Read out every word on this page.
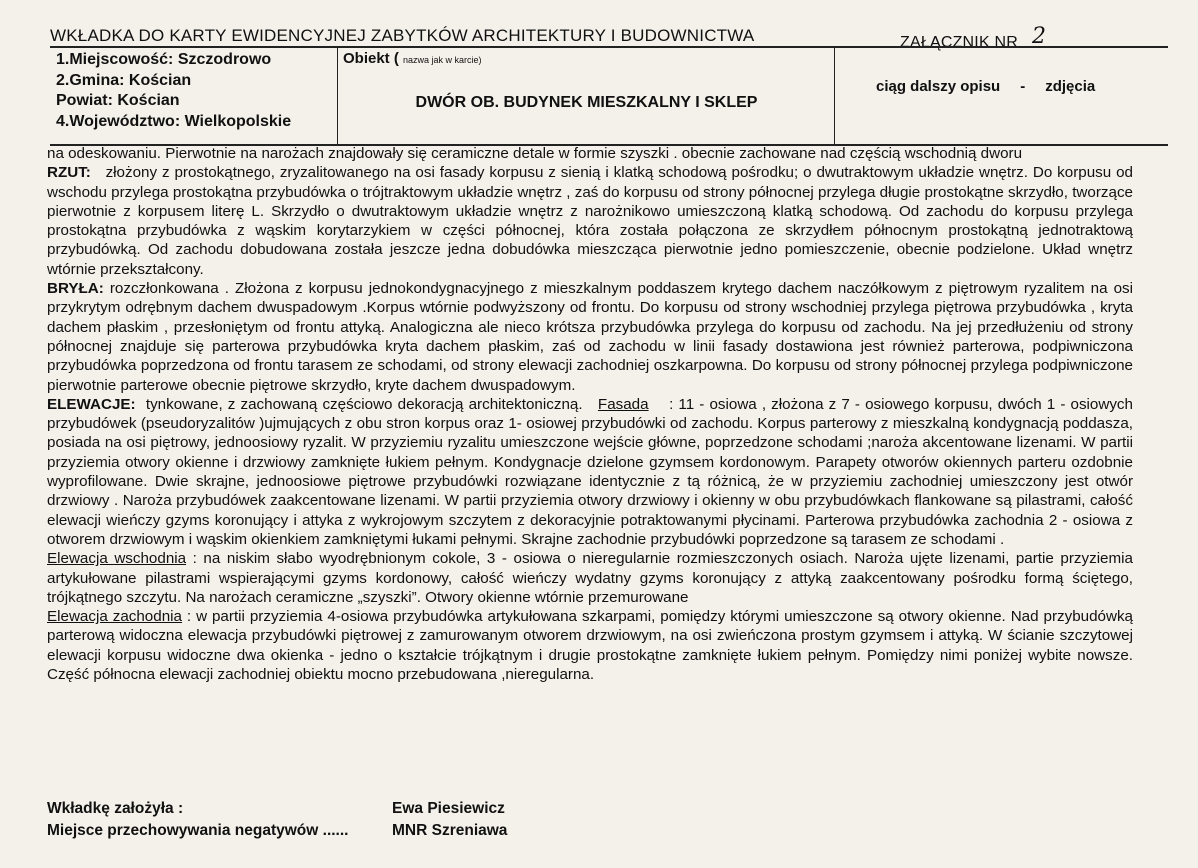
WKŁADKA DO KARTY EWIDENCYJNEJ ZABYTKÓW ARCHITEKTURY I BUDOWNICTWA	ZAŁĄCZNIK NR 2
1.Miejscowość: Szczodrowo
2.Gmina: Kościan
Powiat: Kościan
4.Województwo: Wielkopolskie
Obiekt ( nazwa jak w karcie)
DWÓR OB. BUDYNEK MIESZKALNY I SKLEP
ciąg dalszy opisu - zdjęcia

na odeskowaniu. Pierwotnie na narożach znajdowały się ceramiczne detale w formie szyszki . obecnie zachowane nad częścią wschodnią dworu

RZUT: złożony z prostokątnego, zryzalitowanego na osi fasady korpusu z sienią i klatką schodową pośrodku; o dwutraktowym układzie wnętrz. Do korpusu od wschodu przylega prostokątna przybudówka o trójtraktowym układzie wnętrz , zaś do korpusu od strony północnej przylega długie prostokątne skrzydło, tworzące pierwotnie z korpusem literę L. Skrzydło o dwutraktowym układzie wnętrz z narożnikowo umieszczoną klatką schodową. Od zachodu do korpusu przylega prostokątna przybudówka z wąskim korytarzykiem w części północnej, która została połączona ze skrzydłem północnym prostokątną jednotraktową przybudówką. Od zachodu dobudowana została jeszcze jedna dobudówka mieszcząca pierwotnie jedno pomieszczenie, obecnie podzielone. Układ wnętrz wtórnie przekształcony.

BRYŁA: rozczłonkowana . Złożona z korpusu jednokondygnacyjnego z mieszkalnym poddaszem krytego dachem naczółkowym z piętrowym ryzalitem na osi przykrytym odrębnym dachem dwuspadowym .Korpus wtórnie podwyższony od frontu. Do korpusu od strony wschodniej przylega piętrowa przybudówka , kryta dachem płaskim , przesłoniętym od frontu attyką. Analogiczna ale nieco krótsza przybudówka przylega do korpusu od zachodu. Na jej przedłużeniu od strony północnej znajduje się parterowa przybudówka kryta dachem płaskim, zaś od zachodu w linii fasady dostawiona jest również parterowa, podpiwniczona przybudówka poprzedzona od frontu tarasem ze schodami, od strony elewacji zachodniej oszkarpowna. Do korpusu od strony północnej przylega podpiwniczone pierwotnie parterowe obecnie piętrowe skrzydło, kryte dachem dwuspadowym.

ELEWACJE: tynkowane, z zachowaną częściowo dekoracją architektoniczną. Fasada : 11 - osiowa , złożona z 7 - osiowego korpusu, dwóch 1 - osiowych przybudówek (pseudoryzalitów )ujmujących z obu stron korpus oraz 1- osiowej przybudówki od zachodu. Korpus parterowy z mieszkalną kondygnacją poddasza, posiada na osi piętrowy, jednoosiowy ryzalit. W przyziemiu ryzalitu umieszczone wejście główne, poprzedzone schodami ;naroża akcentowane lizenami. W partii przyziemia otwory okienne i drzwiowy zamknięte łukiem pełnym. Kondygnacje dzielone gzymsem kordonowym. Parapety otworów okiennych parteru ozdobnie wyprofilowane. Dwie skrajne, jednoosiowe piętrowe przybudówki rozwiązane identycznie z tą różnicą, że w przyziemiu zachodniej umieszczony jest otwór drzwiowy . Naroża przybudówek zaakcentowane lizenami. W partii przyziemia otwory drzwiowy i okienny w obu przybudówkach flankowane są pilastrami, całość elewacji wieńczy gzyms koronujący i attyka z wykrojowym szczytem z dekoracyjnie potraktowanymi płycinami. Parterowa przybudówka zachodnia 2 - osiowa z otworem drzwiowym i wąskim okienkiem zamkniętymi łukami pełnymi. Skrajne zachodnie przybudówki poprzedzone są tarasem ze schodami .

Elewacja wschodnia : na niskim słabo wyodrębnionym cokole, 3 - osiowa o nieregularnie rozmieszczonych osiach. Naroża ujęte lizenami, partie przyziemia artykułowane pilastrami wspierającymi gzyms kordonowy, całość wieńczy wydatny gzyms koronujący z attyką zaakcentowany pośrodku formą ściętego, trójkątnego szczytu. Na narożach ceramiczne „szyszki”. Otwory okienne wtórnie przemurowane

Elewacja zachodnia : w partii przyziemia 4-osiowa przybudówka artykułowana szkarpami, pomiędzy którymi umieszczone są otwory okienne. Nad przybudówką parterową widoczna elewacja przybudówki piętrowej z zamurowanym otworem drzwiowym, na osi zwieńczona prostym gzymsem i attyką. W ścianie szczytowej elewacji korpusu widoczne dwa okienka - jedno o kształcie trójkątnym i drugie prostokątne zamknięte łukiem pełnym. Pomiędzy nimi poniżej wybite nowsze. Część północna elewacji zachodniej obiektu mocno przebudowana ,nieregularna.

Wkładkę założyła :	Ewa Piesiewicz
Miejsce przechowywania negatywów ......	MNR Szreniawa
